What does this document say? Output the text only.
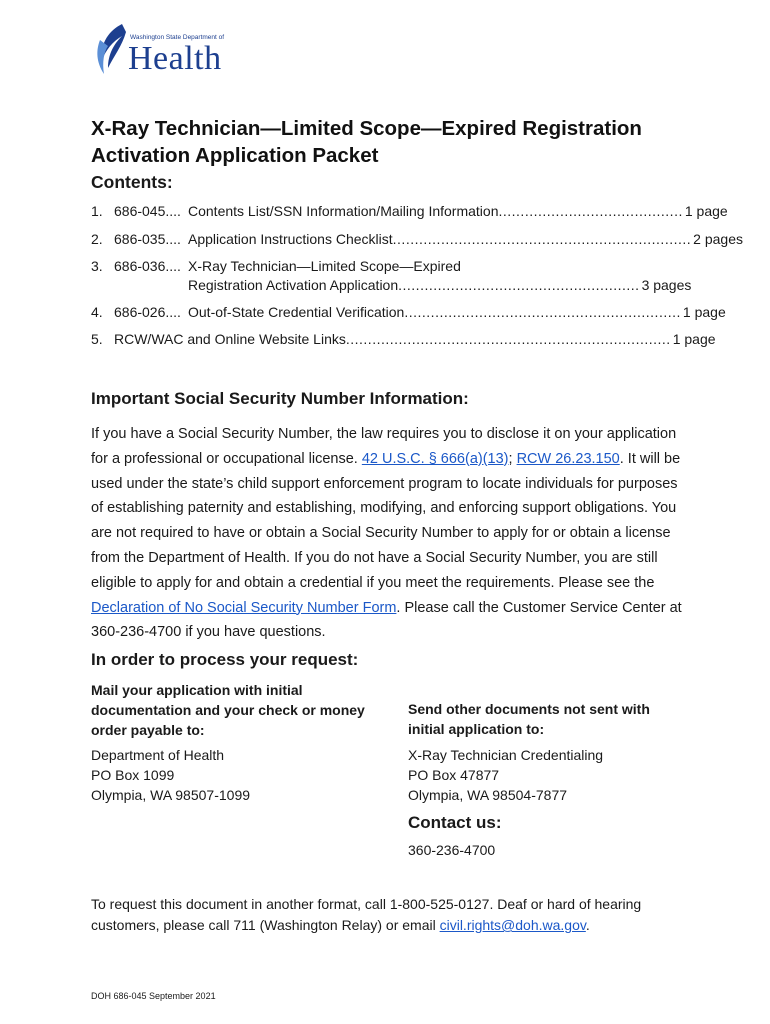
Washington State Department of
Health
X-Ray Technician—Limited Scope—Expired Registration Activation Application Packet
Contents:
1. 686-045.... Contents List/SSN Information/Mailing Information .......................................... 1 page
2. 686-035.... Application Instructions Checklist .................................................................... 2 pages
3. 686-036.... X-Ray Technician—Limited Scope—Expired
Registration Activation Application ....................................................... 3 pages
4. 686-026.... Out-of-State Credential Verification ............................................................... 1 page
5. RCW/WAC and Online Website Links .......................................................................... 1 page
Important Social Security Number Information:

If you have a Social Security Number, the law requires you to disclose it on your application for a professional or occupational license. 42 U.S.C. § 666(a)(13); RCW 26.23.150. It will be used under the state’s child support enforcement program to locate individuals for purposes of establishing paternity and establishing, modifying, and enforcing support obligations. You are not required to have or obtain a Social Security Number to apply for or obtain a license from the Department of Health. If you do not have a Social Security Number, you are still eligible to apply for and obtain a credential if you meet the requirements. Please see the Declaration of No Social Security Number Form. Please call the Customer Service Center at 360-236-4700 if you have questions.

In order to process your request:
Mail your application with initial documentation and your check or money order payable to:
Send other documents not sent with initial application to:
Department of Health
PO Box 1099
Olympia, WA 98507-1099
X-Ray Technician Credentialing
PO Box 47877
Olympia, WA 98504-7877
Contact us:
360-236-4700

To request this document in another format, call 1-800-525-0127. Deaf or hard of hearing customers, please call 711 (Washington Relay) or email civil.rights@doh.wa.gov.

DOH 686-045 September 2021
